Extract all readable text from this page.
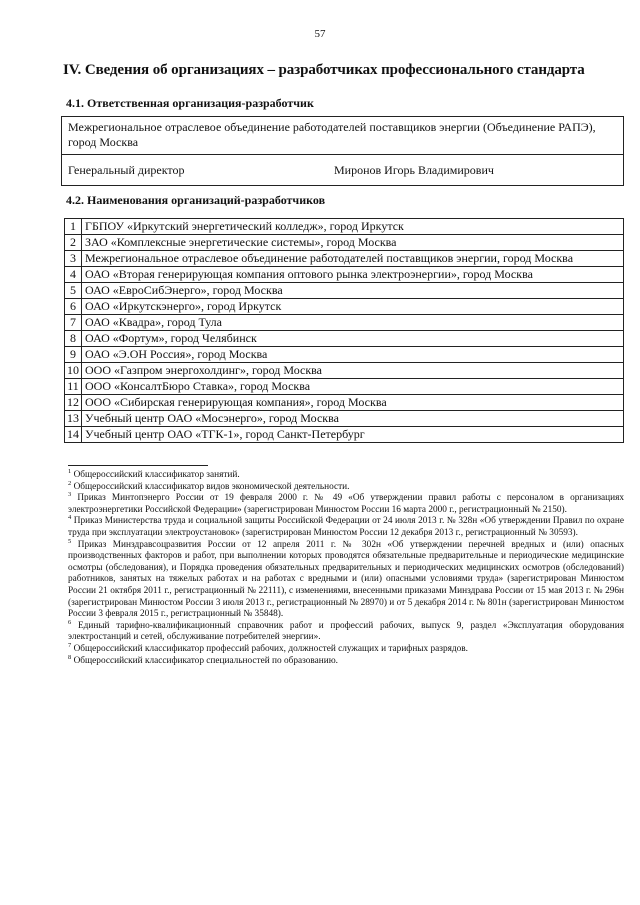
57
IV. Сведения об организациях – разработчиках профессионального стандарта
4.1. Ответственная организация-разработчик
Межрегиональное отраслевое объединение работодателей поставщиков энергии (Объединение РАПЭ), город Москва
Генеральный директор	Миронов Игорь Владимирович
4.2. Наименования организаций-разработчиков
1	ГБПОУ «Иркутский энергетический колледж», город Иркутск
2	ЗАО «Комплексные энергетические системы», город Москва
3	Межрегиональное отраслевое объединение работодателей поставщиков энергии, город Москва
4	ОАО «Вторая генерирующая компания оптового рынка электроэнергии», город Москва
5	ОАО «ЕвроСибЭнерго», город Москва
6	ОАО «Иркутскэнерго», город Иркутск
7	ОАО «Квадра», город Тула
8	ОАО «Фортум», город Челябинск
9	ОАО «Э.ОН Россия», город Москва
10	ООО «Газпром энергохолдинг», город Москва
11	ООО «КонсалтБюро Ставка», город Москва
12	ООО «Сибирская генерирующая компания», город Москва
13	Учебный центр ОАО «Мосэнерго», город Москва
14	Учебный центр ОАО «ТГК-1», город Санкт-Петербург

$^1$ Общероссийский классификатор занятий.

$^2$ Общероссийский классификатор видов экономической деятельности.

$^3$ Приказ Минтопэнерго России от 19 февраля 2000 г. № 49 «Об утверждении правил работы с персоналом в организациях электроэнергетики Российской Федерации» (зарегистрирован Минюстом России 16 марта 2000 г., регистрационный № 2150).

$^4$ Приказ Министерства труда и социальной защиты Российской Федерации от 24 июля 2013 г. № 328н «Об утверждении Правил по охране труда при эксплуатации электроустановок» (зарегистрирован Минюстом России 12 декабря 2013 г., регистрационный № 30593).

$^5$ Приказ Минздравсоцразвития России от 12 апреля 2011 г. № 302н «Об утверждении перечней вредных и (или) опасных производственных факторов и работ, при выполнении которых проводятся обязательные предварительные и периодические медицинские осмотры (обследования), и Порядка проведения обязательных предварительных и периодических медицинских осмотров (обследований) работников, занятых на тяжелых работах и на работах с вредными и (или) опасными условиями труда» (зарегистрирован Минюстом России 21 октября 2011 г., регистрационный № 22111), с изменениями, внесенными приказами Минздрава России от 15 мая 2013 г. № 296н (зарегистрирован Минюстом России 3 июля 2013 г., регистрационный № 28970) и от 5 декабря 2014 г. № 801н (зарегистрирован Минюстом России 3 февраля 2015 г., регистрационный № 35848).

$^6$ Единый тарифно-квалификационный справочник работ и профессий рабочих, выпуск 9, раздел «Эксплуатация оборудования электростанций и сетей, обслуживание потребителей энергии».

$^7$ Общероссийский классификатор профессий рабочих, должностей служащих и тарифных разрядов.

$^8$ Общероссийский классификатор специальностей по образованию.
